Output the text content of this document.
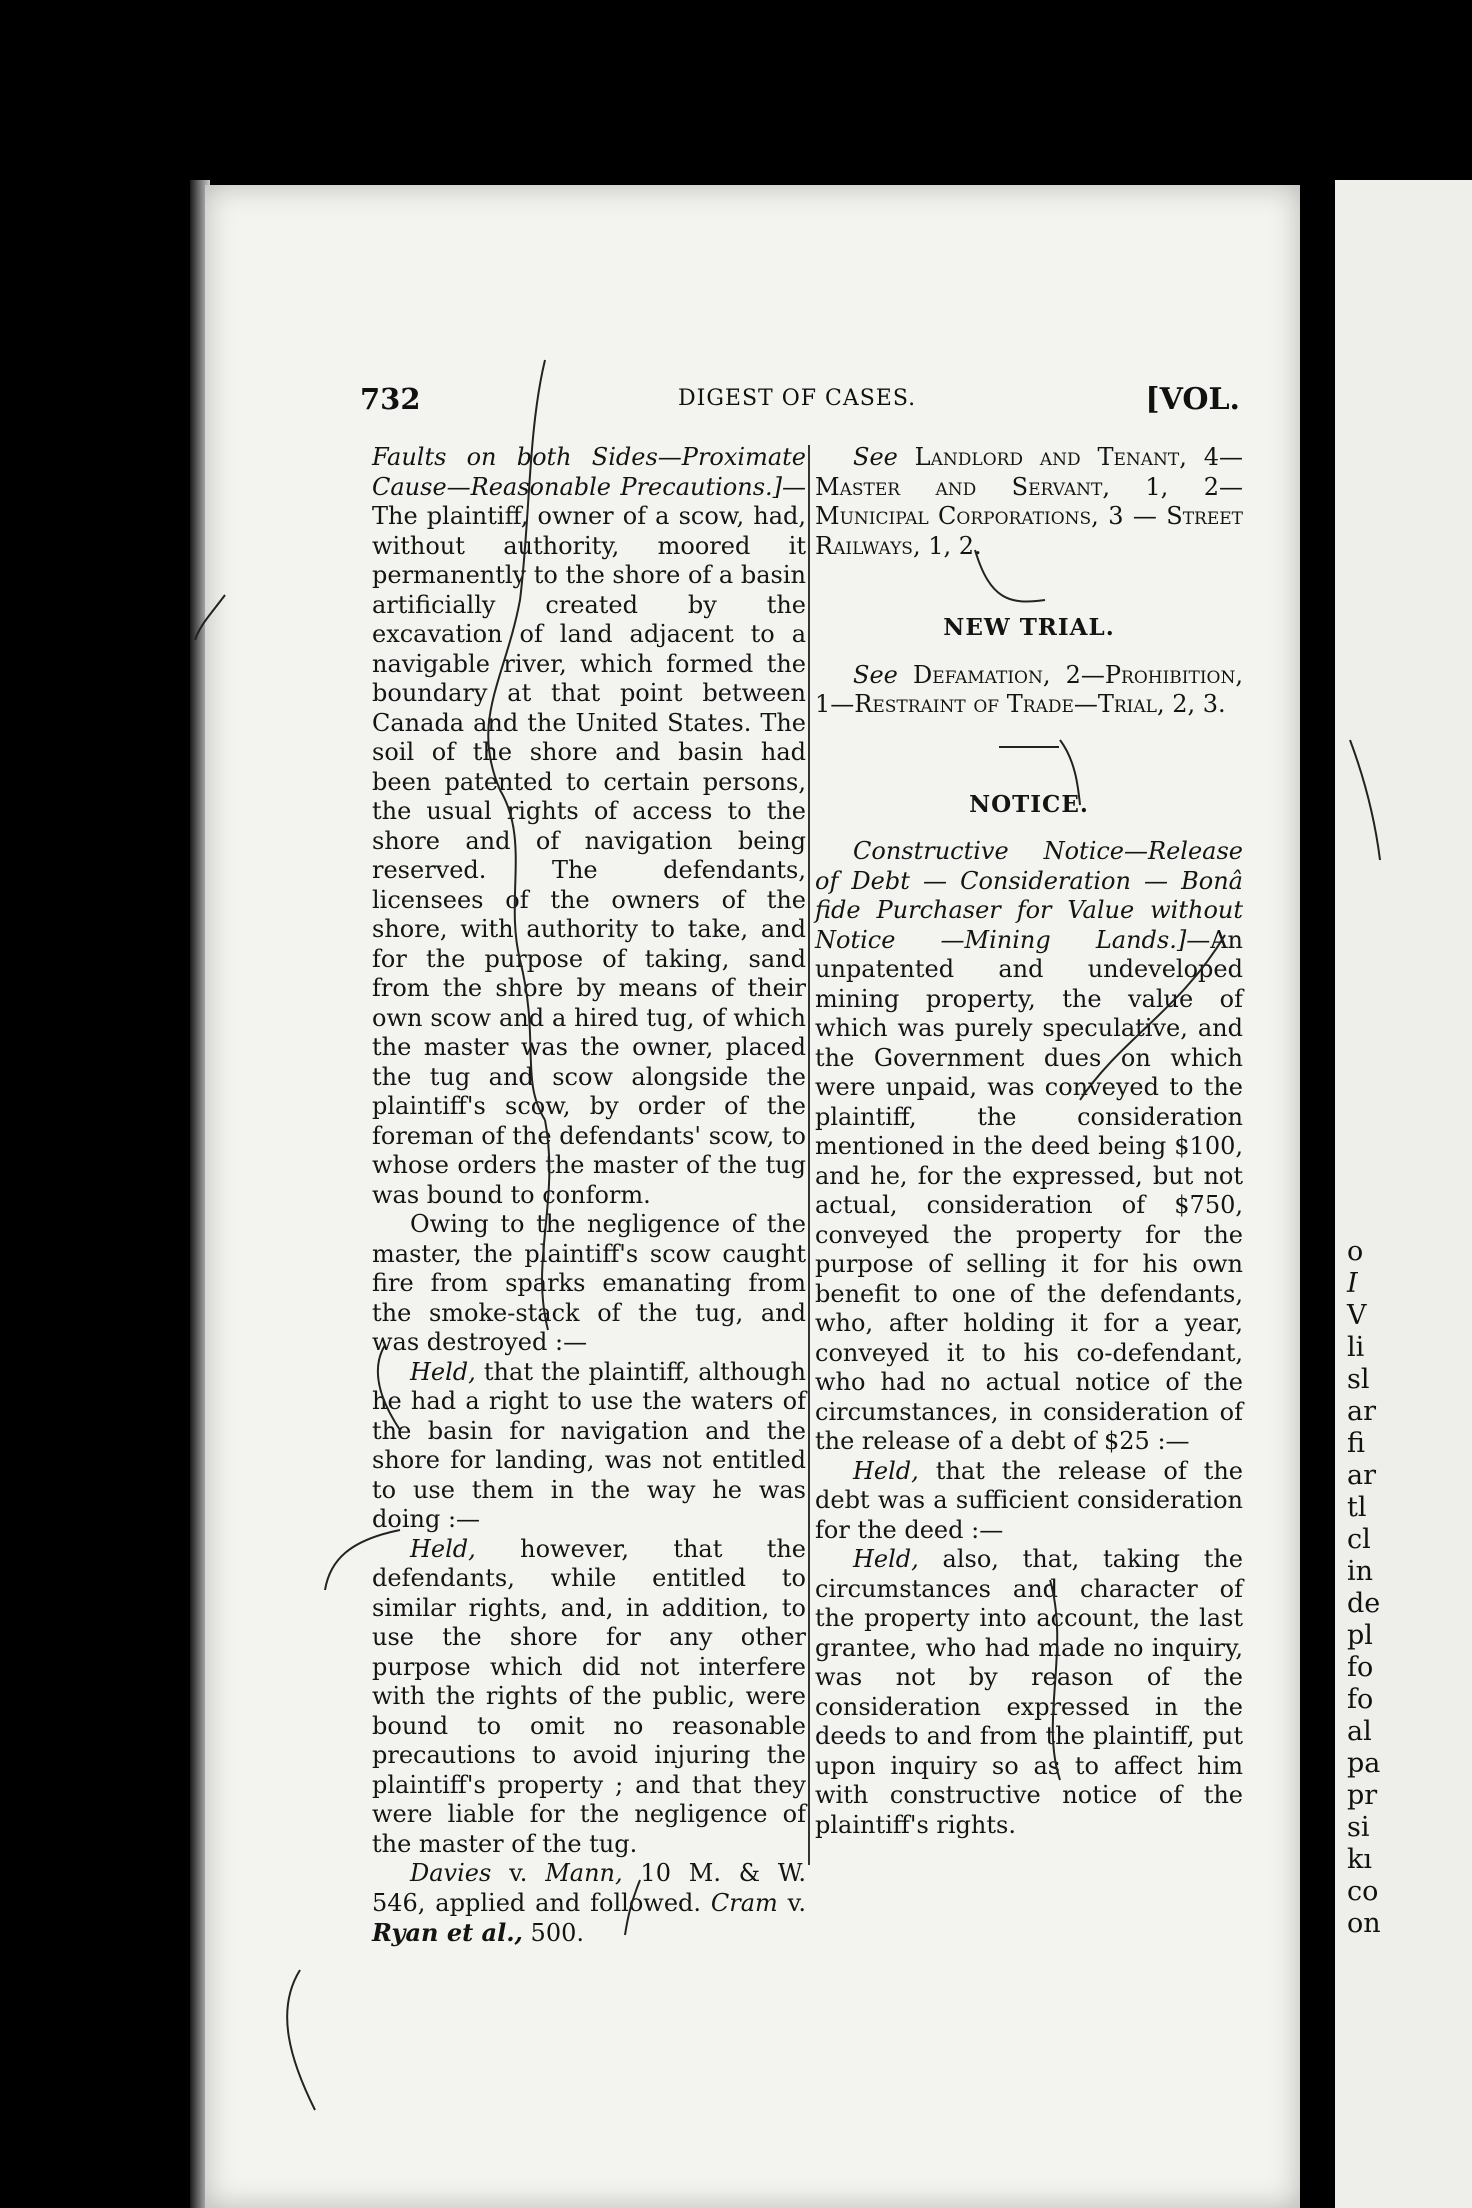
o
I
V
li
sl
ar
fi
ar
tl
cl
in
de
pl
fo
fo
al
pa
pr
si
kı
co
on
732	DIGEST OF CASES.	[VOL.

Faults on both Sides—Proximate Cause—Reasonable Precautions.]— The plaintiff, owner of a scow, had, without authority, moored it permanently to the shore of a basin artificially created by the excavation of land adjacent to a navigable river, which formed the boundary at that point between Canada and the United States. The soil of the shore and basin had been patented to certain persons, the usual rights of access to the shore and of navigation being reserved. The defendants, licensees of the owners of the shore, with authority to take, and for the purpose of taking, sand from the shore by means of their own scow and a hired tug, of which the master was the owner, placed the tug and scow alongside the plaintiff's scow, by order of the foreman of the defendants' scow, to whose orders the master of the tug was bound to conform.

Owing to the negligence of the master, the plaintiff's scow caught fire from sparks emanating from the smoke-stack of the tug, and was destroyed :—

Held, that the plaintiff, although he had a right to use the waters of the basin for navigation and the shore for landing, was not entitled to use them in the way he was doing :—

Held, however, that the defendants, while entitled to similar rights, and, in addition, to use the shore for any other purpose which did not interfere with the rights of the public, were bound to omit no reasonable precautions to avoid injuring the plaintiff's property ; and that they were liable for the negligence of the master of the tug.

Davies v. Mann, 10 M. & W. 546, applied and followed. Cram v. Ryan et al., 500.

See Landlord and Tenant, 4—Master and Servant, 1, 2—Municipal Corporations, 3 — Street Railways, 1, 2.

NEW TRIAL.

See Defamation, 2—Prohibition, 1—Restraint of Trade—Trial, 2, 3.

NOTICE.

Constructive Notice—Release of Debt — Consideration — Bonâ fide Purchaser for Value without Notice —Mining Lands.]—An unpatented and undeveloped mining property, the value of which was purely speculative, and the Government dues on which were unpaid, was conveyed to the plaintiff, the consideration mentioned in the deed being $100, and he, for the expressed, but not actual, consideration of $750, conveyed the property for the purpose of selling it for his own benefit to one of the defendants, who, after holding it for a year, conveyed it to his co-defendant, who had no actual notice of the circumstances, in consideration of the release of a debt of $25 :—

Held, that the release of the debt was a sufficient consideration for the deed :—

Held, also, that, taking the circumstances and character of the property into account, the last grantee, who had made no inquiry, was not by reason of the consideration expressed in the deeds to and from the plaintiff, put upon inquiry so as to affect him with constructive notice of the plaintiff's rights.
